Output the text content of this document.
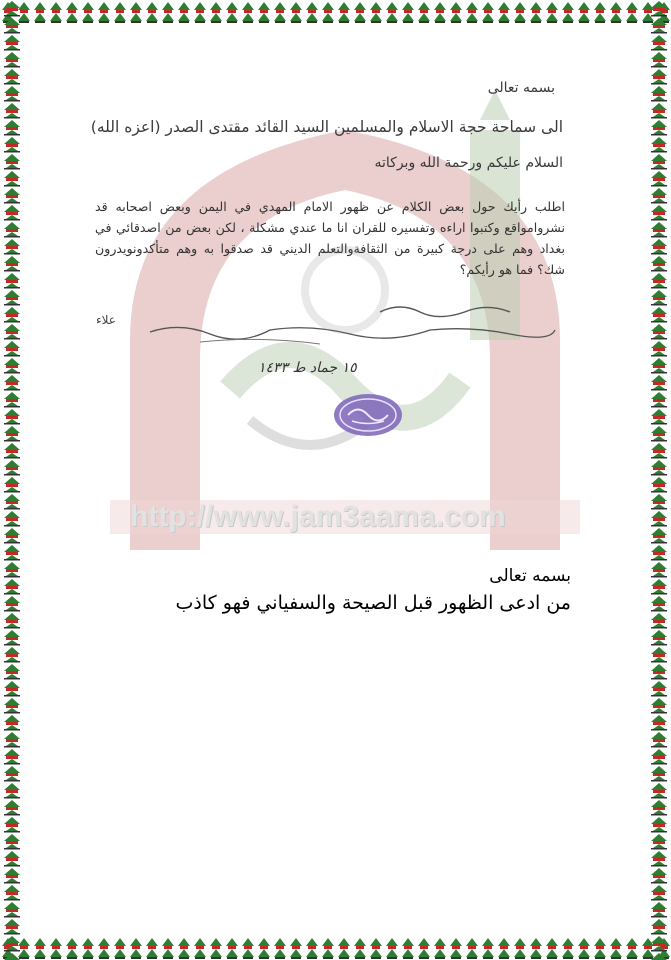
http://www.jam3aama.com
بسمه تعالى
الى سماحة حجة الاسلام والمسلمين السيد القائد مقتدى الصدر (اعزه الله)
السلام عليكم ورحمة الله وبركاته
اطلب رأيك حول بعض الكلام عن ظهور الامام المهدي في اليمن وبعض اصحابه قد نشروامواقع وكتبوا اراءه وتفسيره للقران انا ما عندي مشكلة ، لكن بعض من اصدقائي في بغداد وهم على درجة كبيرة من الثقافةوالتعلم الديني قد صدقوا به وهم متأكدونويدرون شك؟ فما هو رأيكم؟
علاء
١٥ جماد ط ١٤٣٣
بسمه تعالى
من ادعى الظهور قبل الصيحة والسفياني فهو كاذب
